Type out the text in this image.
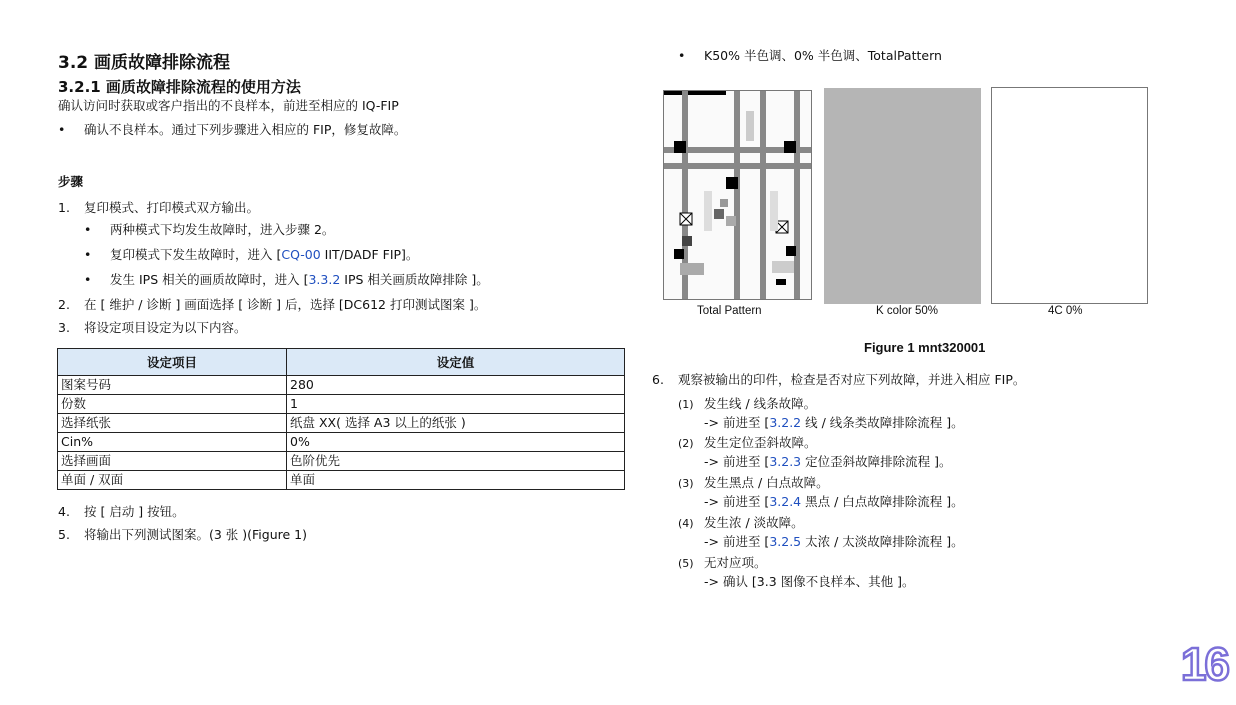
3.2 画质故障排除流程
3.2.1 画质故障排除流程的使用方法
确认访问时获取或客户指出的不良样本，前进至相应的 IQ-FIP
• 确认不良样本。通过下列步骤进入相应的 FIP，修复故障。
步骤
1. 复印模式、打印模式双方输出。
• 两种模式下均发生故障时，进入步骤 2。
• 复印模式下发生故障时，进入 [CQ-00 IIT/DADF FIP]。
• 发生 IPS 相关的画质故障时，进入 [3.3.2 IPS 相关画质故障排除 ]。
2. 在 [ 维护 / 诊断 ] 画面选择 [ 诊断 ] 后，选择 [DC612 打印测试图案 ]。
3. 将设定项目设定为以下内容。
设定项目	设定值
图案号码	280
份数	1
选择纸张	纸盘 XX( 选择 A3 以上的纸张 )
Cin%	0%
选择画面	色阶优先
单面 / 双面	单面
4. 按 [ 启动 ] 按钮。
5. 将输出下列测试图案。(3 张 )(Figure 1)
• K50% 半色调、0% 半色调、TotalPattern
Total Pattern	K color 50%	4C 0%
Figure 1 mnt320001
6. 观察被输出的印件，检查是否对应下列故障，并进入相应 FIP。
(1) 发生线 / 线条故障。
-> 前进至 [3.2.2 线 / 线条类故障排除流程 ]。
(2) 发生定位歪斜故障。
-> 前进至 [3.2.3 定位歪斜故障排除流程 ]。
(3) 发生黑点 / 白点故障。
-> 前进至 [3.2.4 黑点 / 白点故障排除流程 ]。
(4) 发生浓 / 淡故障。
-> 前进至 [3.2.5 太浓 / 太淡故障排除流程 ]。
(5) 无对应项。
-> 确认 [3.3 图像不良样本、其他 ]。
16
